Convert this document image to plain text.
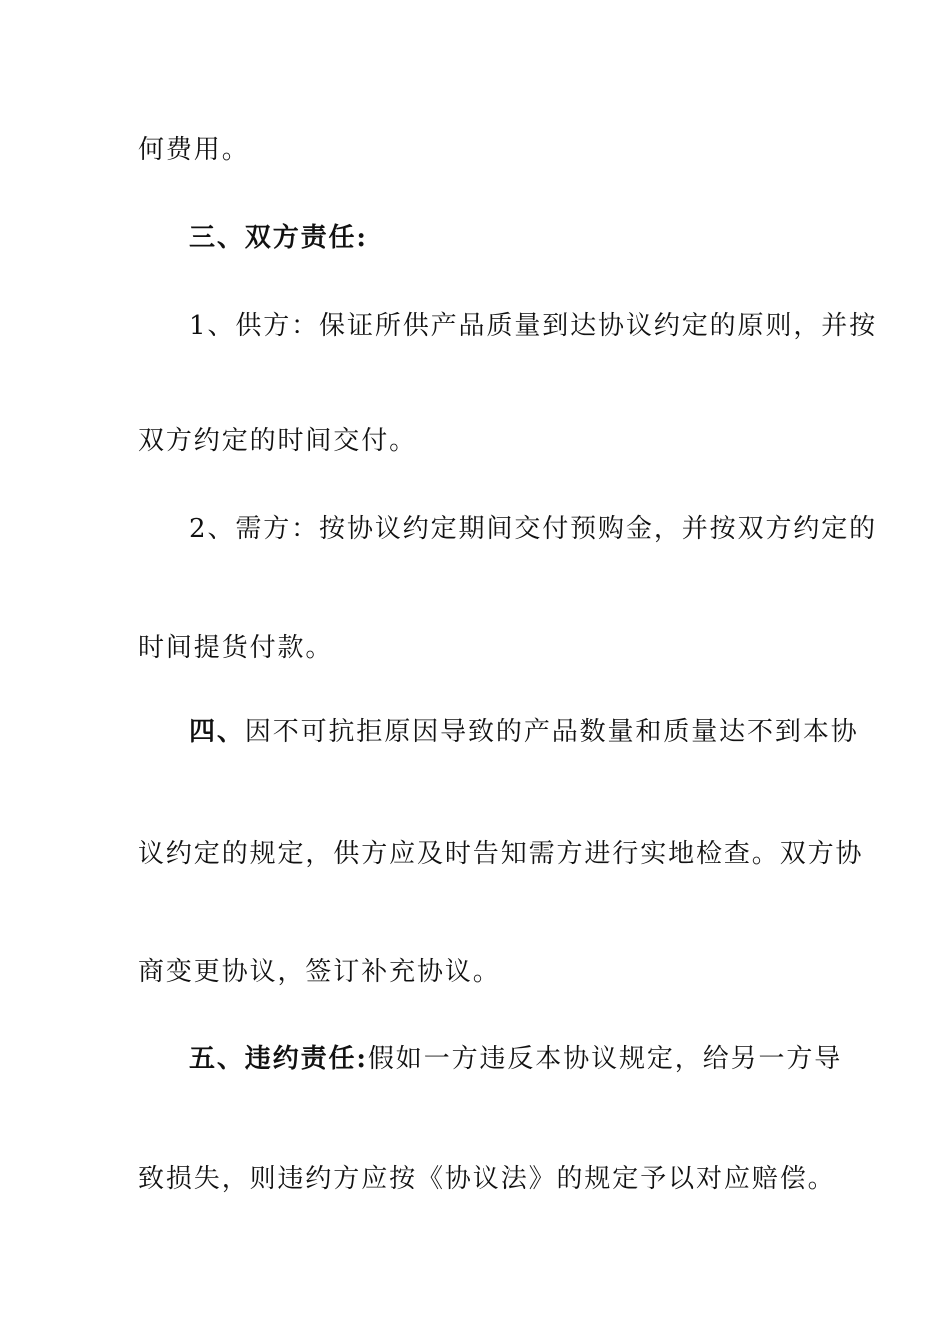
何费用。
三、双方责任:
1、供方：保证所供产品质量到达协议约定的原则，并按
双方约定的时间交付。
2、需方：按协议约定期间交付预购金，并按双方约定的
时间提货付款。
四、因不可抗拒原因导致的产品数量和质量达不到本协
议约定的规定，供方应及时告知需方进行实地检查。双方协
商变更协议，签订补充协议。
五、违约责任:假如一方违反本协议规定，给另一方导
致损失，则违约方应按《协议法》的规定予以对应赔偿。
